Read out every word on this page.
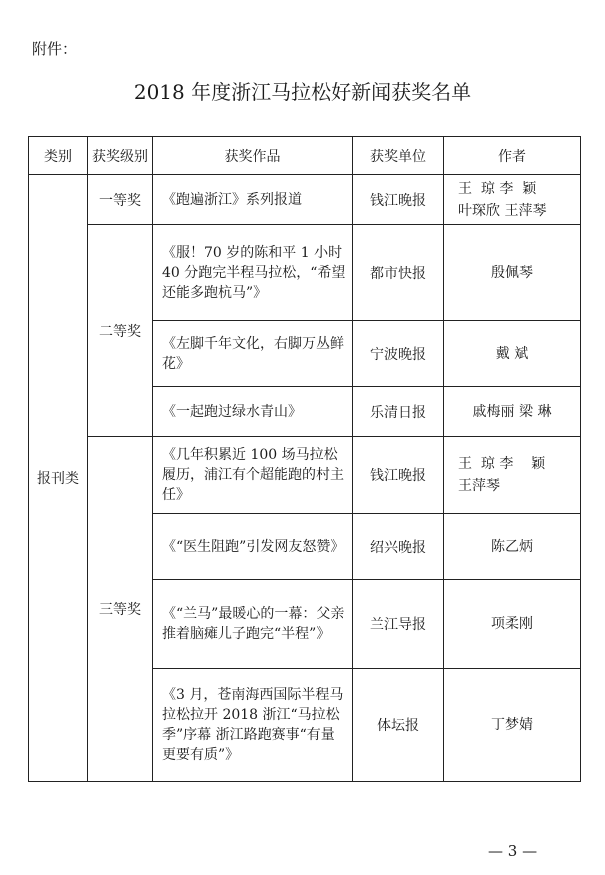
附件：
2018 年度浙江马拉松好新闻获奖名单
类别	获奖级别	获奖作品	获奖单位	作者
报刊类	一等奖	《跑遍浙江》系列报道	钱江晚报	王  琼 李  颖
叶琛欣 王萍琴

	二等奖	《服！70 岁的陈和平 1 小时 40 分跑完半程马拉松，“希望还能多跑杭马”》	都市快报	殷佩琴
		《左脚千年文化，右脚万丛鲜花》	宁波晚报	戴 斌
		《一起跑过绿水青山》	乐清日报	戚梅丽 梁 琳
	三等奖	《几年积累近 100 场马拉松履历，浦江有个超能跑的村主任》	钱江晚报	王  琼 李    颖
王萍琴

		《“医生阻跑”引发网友怒赞》	绍兴晚报	陈乙炳
		《“兰马”最暖心的一幕：父亲推着脑瘫儿子跑完“半程”》	兰江导报	项柔刚
		《3 月，苍南海西国际半程马拉松拉开 2018 浙江“马拉松季”序幕 浙江路跑赛事“有量更要有质”》	体坛报	丁梦婧
— 3 —
